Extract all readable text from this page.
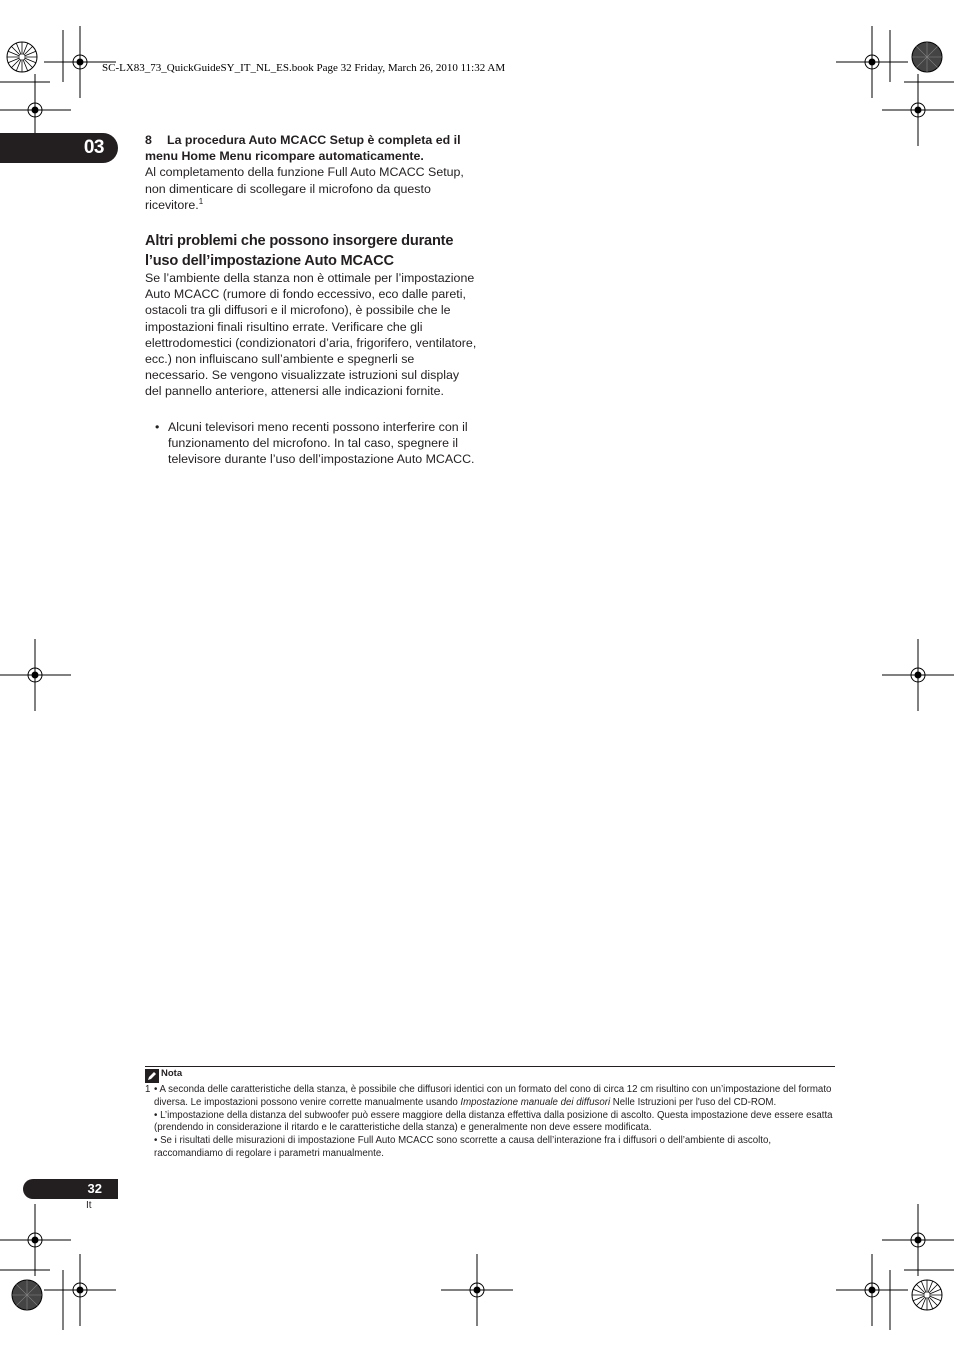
SC-LX83_73_QuickGuideSY_IT_NL_ES.book Page 32 Friday, March 26, 2010 11:32 AM
03	8 La procedura Auto MCACC Setup è completa ed il menu Home Menu ricompare automaticamente.
Al completamento della funzione Full Auto MCACC Setup, non dimenticare di scollegare il microfono da questo ricevitore.$^1$
Altri problemi che possono insorgere durante l’uso dell’impostazione Auto MCACC
Se l’ambiente della stanza non è ottimale per l’impostazione Auto MCACC (rumore di fondo eccessivo, eco dalle pareti, ostacoli tra gli diffusori e il microfono), è possibile che le impostazioni finali risultino errate. Verificare che gli elettrodomestici (condizionatori d’aria, frigorifero, ventilatore, ecc.) non influiscano sull’ambiente e spegnerli se necessario. Se vengono visualizzate istruzioni sul display del pannello anteriore, attenersi alle indicazioni fornite.
• Alcuni televisori meno recenti possono interferire con il funzionamento del microfono. In tal caso, spegnere il televisore durante l’uso dell’impostazione Auto MCACC.
Nota
1 • A seconda delle caratteristiche della stanza, è possibile che diffusori identici con un formato del cono di circa 12 cm risultino con un’impostazione del formato diversa. Le impostazioni possono venire corrette manualmente usando Impostazione manuale dei diffusori Nelle Istruzioni per l'uso del CD-ROM.
• L’impostazione della distanza del subwoofer può essere maggiore della distanza effettiva dalla posizione di ascolto. Questa impostazione deve essere esatta (prendendo in considerazione il ritardo e le caratteristiche della stanza) e generalmente non deve essere modificata.
• Se i risultati delle misurazioni di impostazione Full Auto MCACC sono scorrette a causa dell’interazione fra i diffusori o dell’ambiente di ascolto, raccomandiamo di regolare i parametri manualmente.
32
It
